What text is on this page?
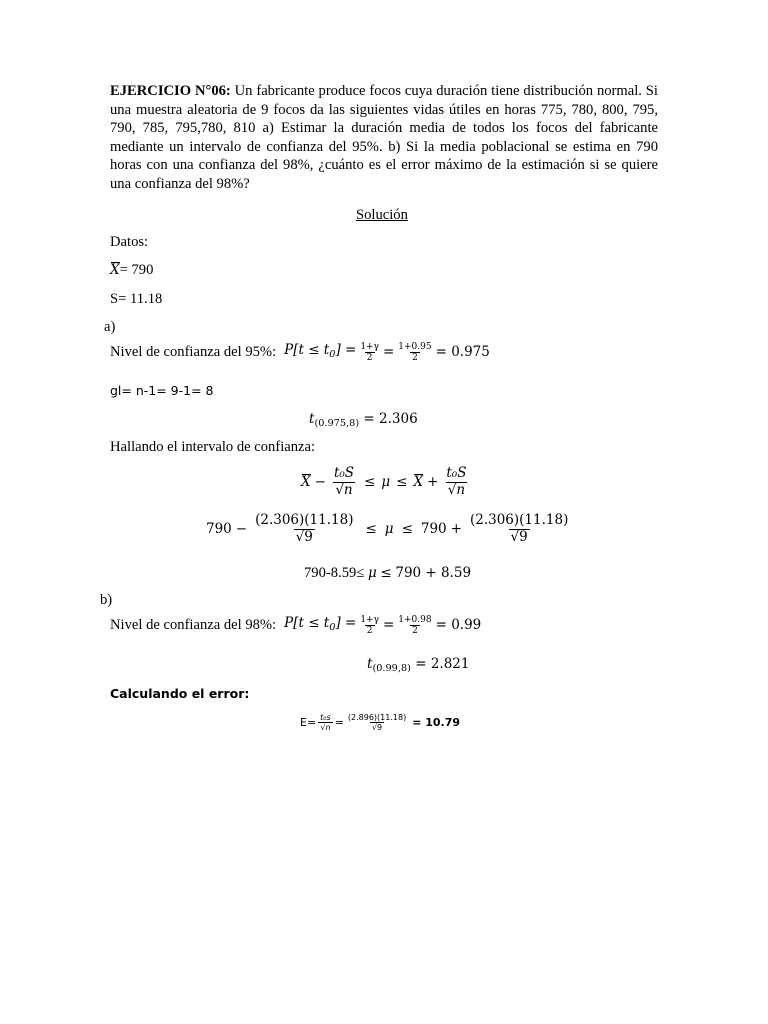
EJERCICIO N°06: Un fabricante produce focos cuya duración tiene distribución normal. Si una muestra aleatoria de 9 focos da las siguientes vidas útiles en horas 775, 780, 800, 795, 790, 785, 795,780, 810 a) Estimar la duración media de todos los focos del fabricante mediante un intervalo de confianza del 95%. b) Si la media poblacional se estima en 790 horas con una confianza del 98%, ¿cuánto es el error máximo de la estimación si se quiere una confianza del 98%?
Solución
Datos:
X= 790
S= 11.18
a)
Nivel de confianza del 95%: $P[t \le t_0] = \frac{1+\gamma}{2} = \frac{1+0.95}{2} = 0.975$
gl= n-1= 9-1= 8
$t_{(0.975,8)} = 2.306$
Hallando el intervalo de confianza:
$X - \frac{\text{t₀S}}{√n} \le \mu \le X + \frac{\text{t₀S}}{√n}$
$790 - \frac{(2.306)(11.18)}{√9} \le \mu \le 790 + \frac{(2.306)(11.18)}{√9}$
790-8.59≤ μ ≤ 790 + 8.59
b)
Nivel de confianza del 98%: $P[t \le t_0] = \frac{1+\gamma}{2} = \frac{1+0.98}{2} = 0.99$
$t_{(0.99,8)} = 2.821$
Calculando el error:
$E= \frac{\text{t₀s}}{√n} = \frac{(2.896)(11.18)}{√9} = 10.79$
